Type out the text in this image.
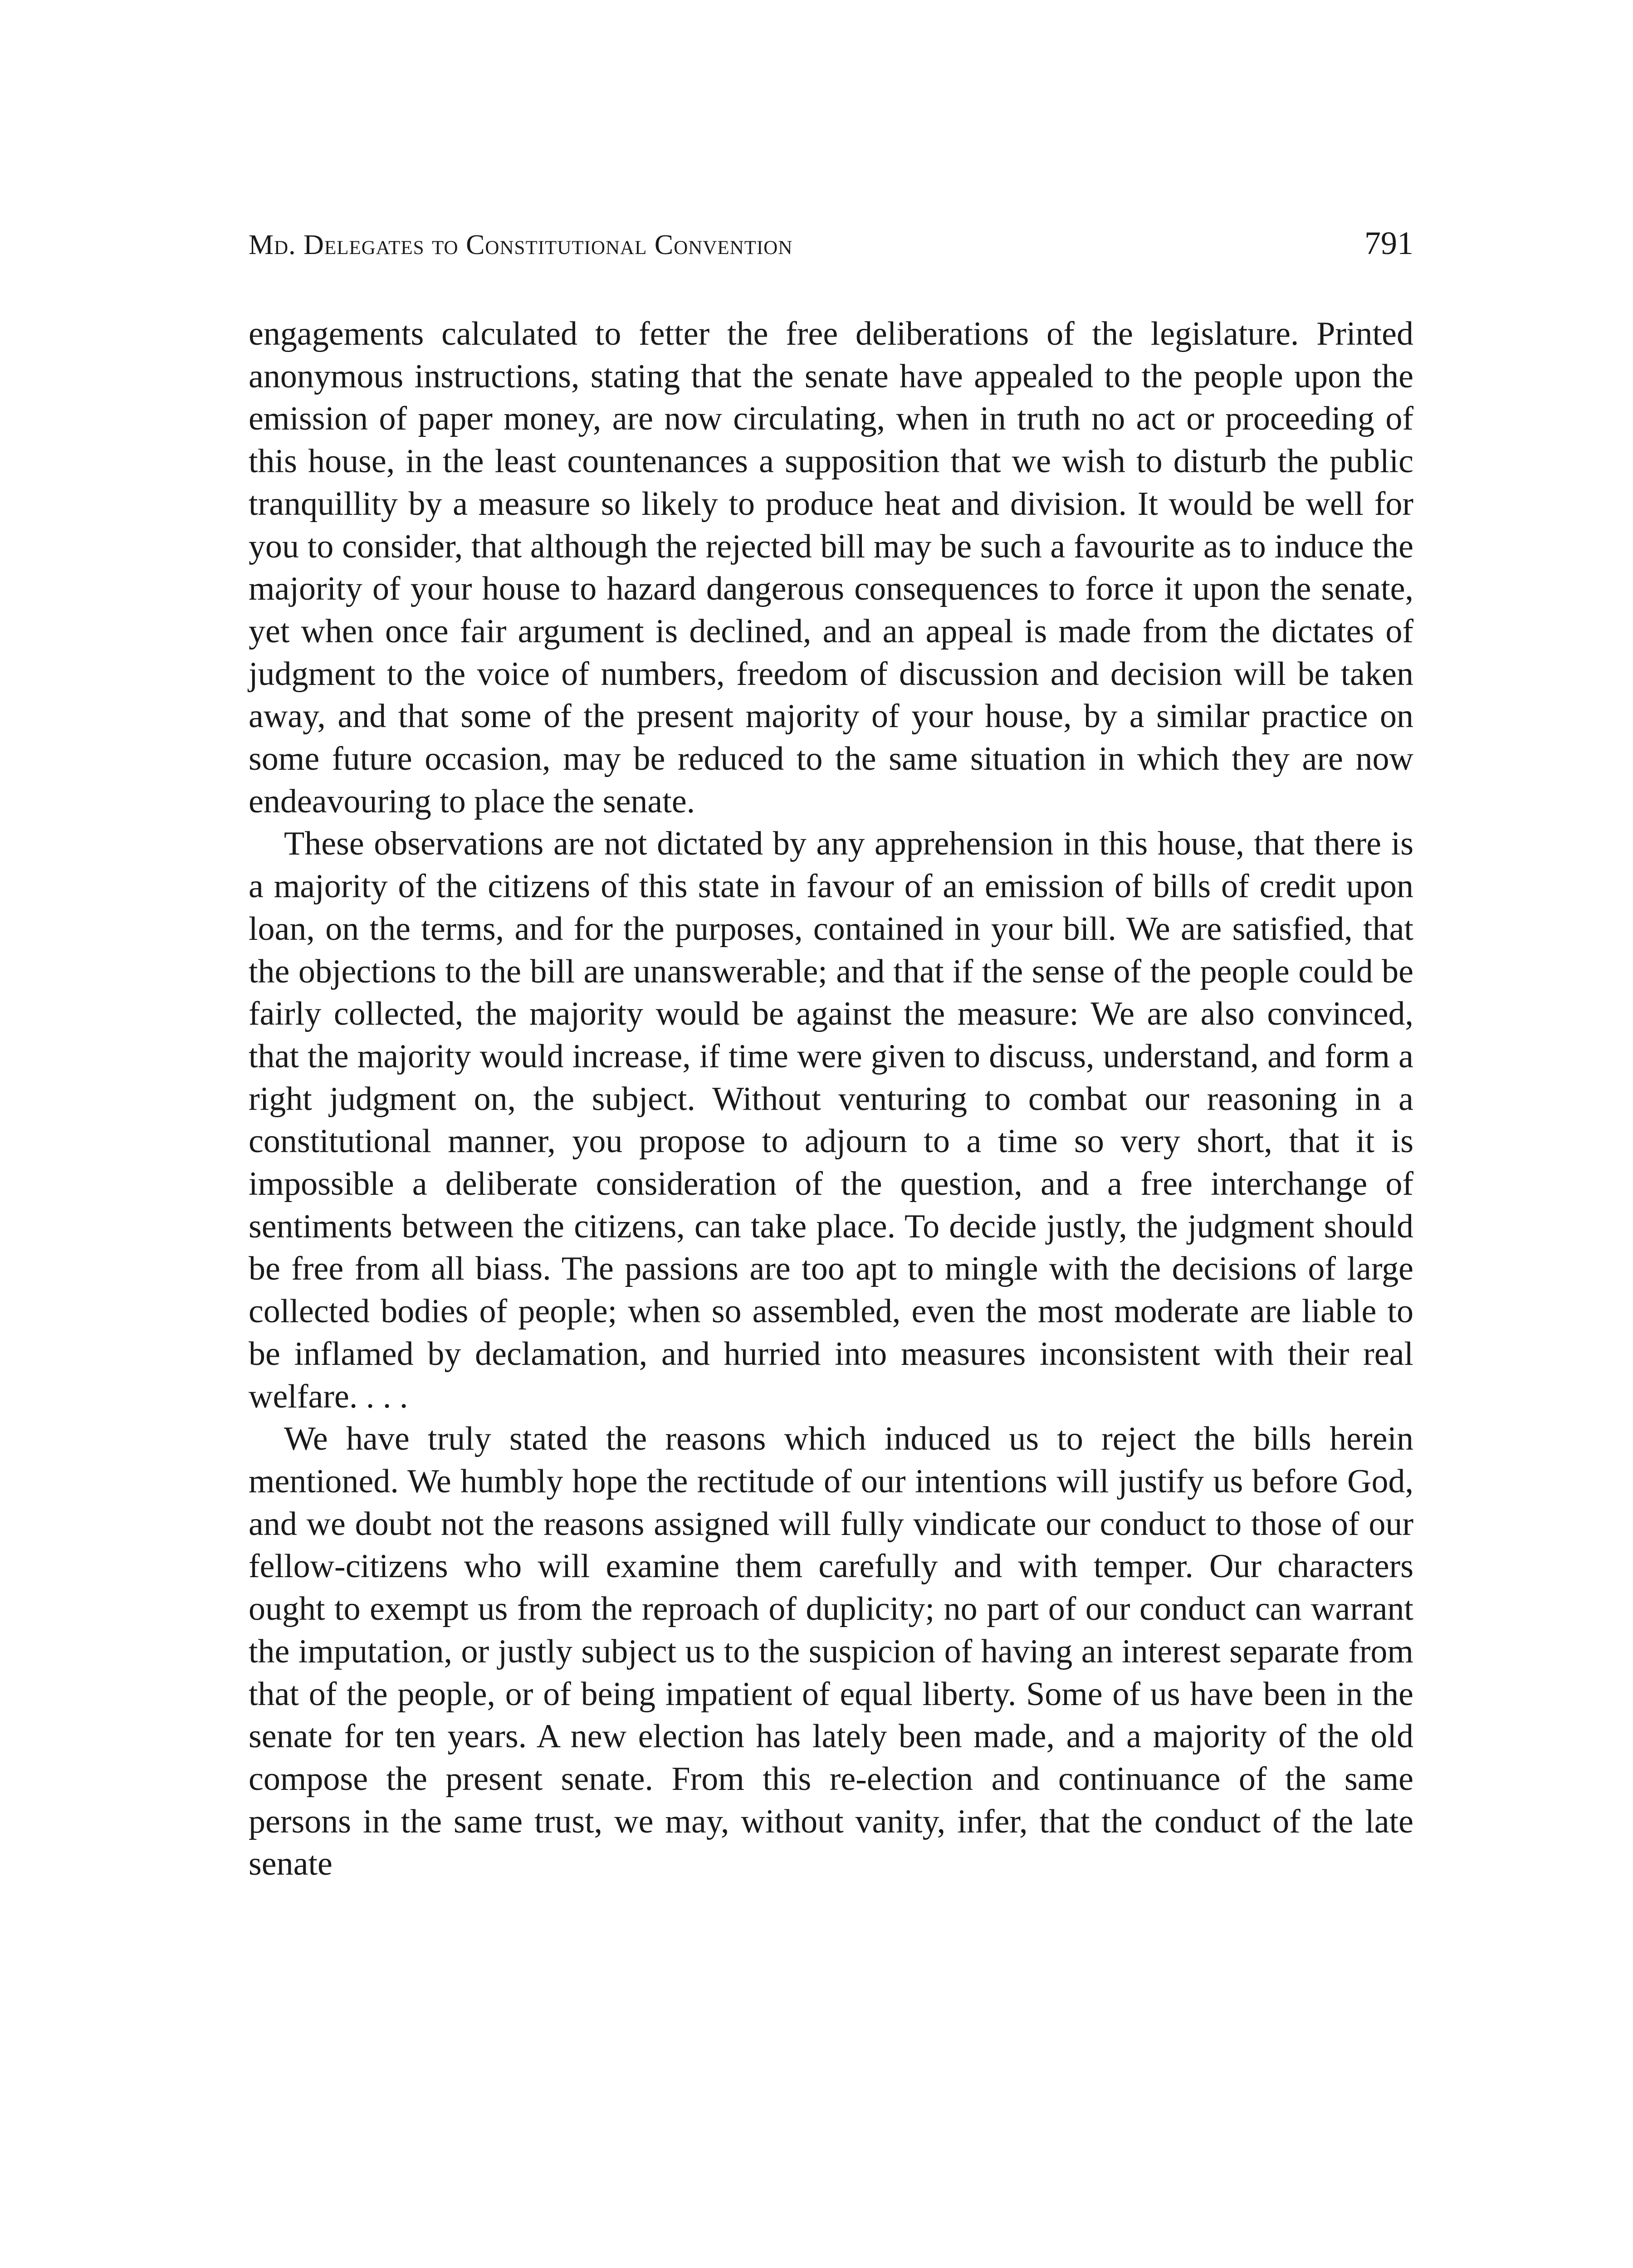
Md. Delegates to Constitutional Convention	791

engagements calculated to fetter the free deliberations of the legislature. Printed anonymous instructions, stating that the senate have appealed to the people upon the emission of paper money, are now circulating, when in truth no act or proceeding of this house, in the least countenances a supposition that we wish to disturb the public tranquillity by a measure so likely to produce heat and division. It would be well for you to consider, that although the rejected bill may be such a favourite as to induce the majority of your house to hazard dangerous consequences to force it upon the senate, yet when once fair argument is declined, and an appeal is made from the dictates of judgment to the voice of numbers, freedom of discussion and decision will be taken away, and that some of the present majority of your house, by a similar practice on some future occasion, may be reduced to the same situation in which they are now endeavouring to place the senate.

These observations are not dictated by any apprehension in this house, that there is a majority of the citizens of this state in favour of an emission of bills of credit upon loan, on the terms, and for the purposes, contained in your bill. We are satisfied, that the objections to the bill are unanswerable; and that if the sense of the people could be fairly collected, the majority would be against the measure: We are also convinced, that the majority would increase, if time were given to discuss, understand, and form a right judgment on, the subject. Without venturing to combat our reasoning in a constitutional manner, you propose to adjourn to a time so very short, that it is impossible a deliberate consideration of the question, and a free interchange of sentiments between the citizens, can take place. To decide justly, the judgment should be free from all biass. The passions are too apt to mingle with the decisions of large collected bodies of people; when so assembled, even the most moderate are liable to be inflamed by declamation, and hurried into measures inconsistent with their real welfare. . . .

We have truly stated the reasons which induced us to reject the bills herein mentioned. We humbly hope the rectitude of our intentions will justify us before God, and we doubt not the reasons assigned will fully vindicate our conduct to those of our fellow-citizens who will examine them carefully and with temper. Our characters ought to exempt us from the reproach of duplicity; no part of our conduct can warrant the imputation, or justly subject us to the suspicion of having an interest separate from that of the people, or of being impatient of equal liberty. Some of us have been in the senate for ten years. A new election has lately been made, and a majority of the old compose the present senate. From this re-election and continuance of the same persons in the same trust, we may, without vanity, infer, that the conduct of the late senate
